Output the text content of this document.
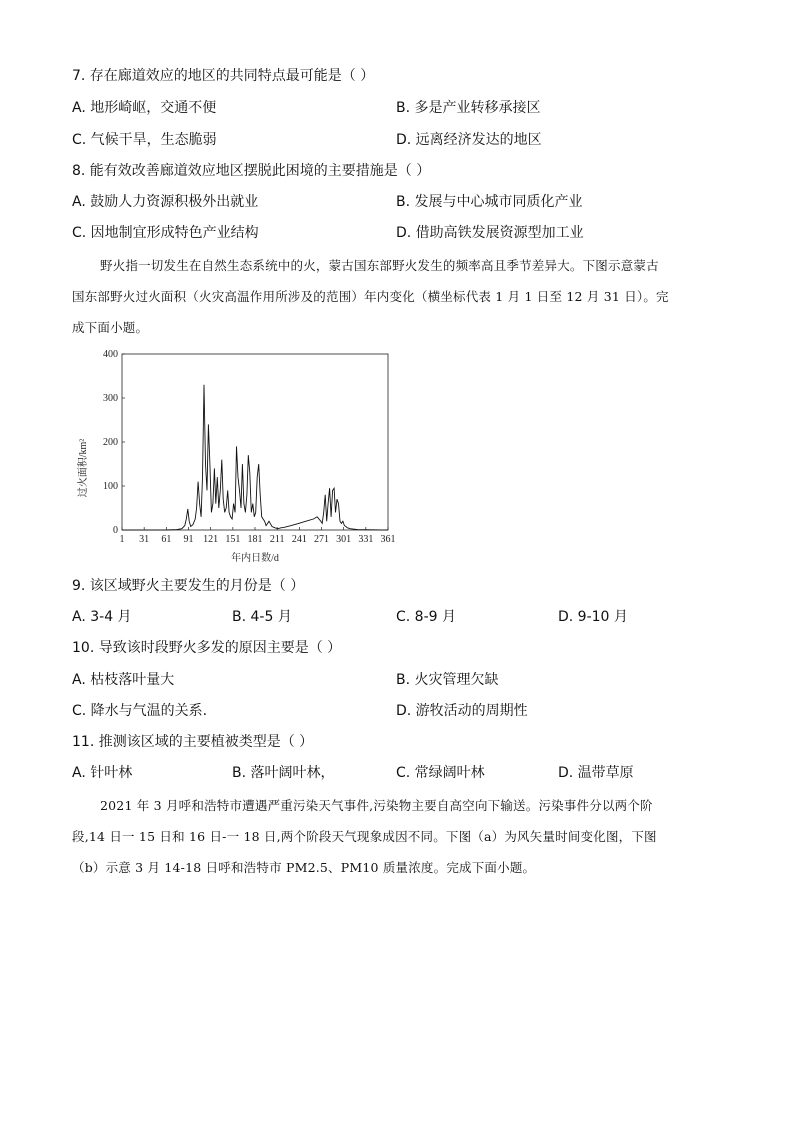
7. 存在廊道效应的地区的共同特点最可能是（ ）
A. 地形崎岖，交通不便	B. 多是产业转移承接区
C. 气候干旱，生态脆弱	D. 远离经济发达的地区
8. 能有效改善廊道效应地区摆脱此困境的主要措施是（ ）
A. 鼓励人力资源积极外出就业	B. 发展与中心城市同质化产业
C. 因地制宜形成特色产业结构	D. 借助高铁发展资源型加工业
野火指一切发生在自然生态系统中的火，蒙古国东部野火发生的频率高且季节差异大。下图示意蒙古
国东部野火过火面积（火灾高温作用所涉及的范围）年内变化（横坐标代表 1 月 1 日至 12 月 31 日）。完
成下面小题。
1 31 61 91 121 151 181 211 241 271 301 331 361
0
100
200
300
400
过火面积/km²
年内日数/d
9. 该区域野火主要发生的月份是（ ）
A. 3-4 月	B. 4-5 月	C. 8-9 月	D. 9-10 月
10. 导致该时段野火多发的原因主要是（ ）
A. 枯枝落叶量大	B. 火灾管理欠缺
C. 降水与气温的关系.	D. 游牧活动的周期性
11. 推测该区域的主要植被类型是（ ）
A. 针叶林	B. 落叶阔叶林，	C. 常绿阔叶林	D. 温带草原
2021 年 3 月呼和浩特市遭遇严重污染天气事件,污染物主要自高空向下输送。污染事件分以两个阶
段,14 日一 15 日和 16 日-一 18 日,两个阶段天气现象成因不同。下图（a）为风矢量时间变化图，下图
（b）示意 3 月 14-18 日呼和浩特市 PM2.5、PM10 质量浓度。完成下面小题。
